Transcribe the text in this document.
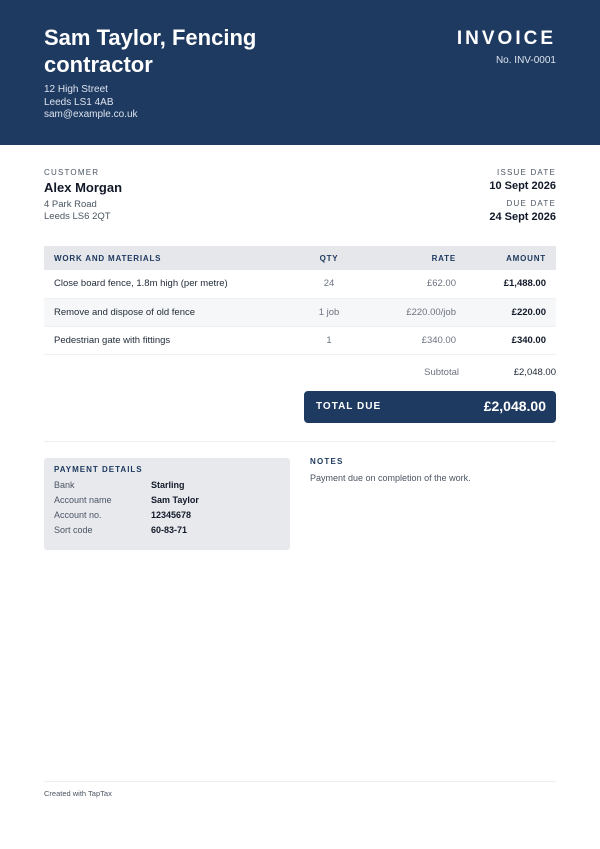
Sam Taylor, Fencing contractor
12 High Street
Leeds LS1 4AB
sam@example.co.uk
INVOICE
No. INV-0001
CUSTOMER
Alex Morgan
4 Park Road
Leeds LS6 2QT
ISSUE DATE
10 Sept 2026
DUE DATE
24 Sept 2026
WORK AND MATERIALS	QTY	RATE	AMOUNT
Close board fence, 1.8m high (per metre)	24	£62.00	£1,488.00
Remove and dispose of old fence	1 job	£220.00/job	£220.00
Pedestrian gate with fittings	1	£340.00	£340.00
Subtotal	£2,048.00
TOTAL DUE	£2,048.00
PAYMENT DETAILS
Bank	Starling
Account name	Sam Taylor
Account no.	12345678
Sort code	60-83-71
NOTES
Payment due on completion of the work.
Created with TapTax
